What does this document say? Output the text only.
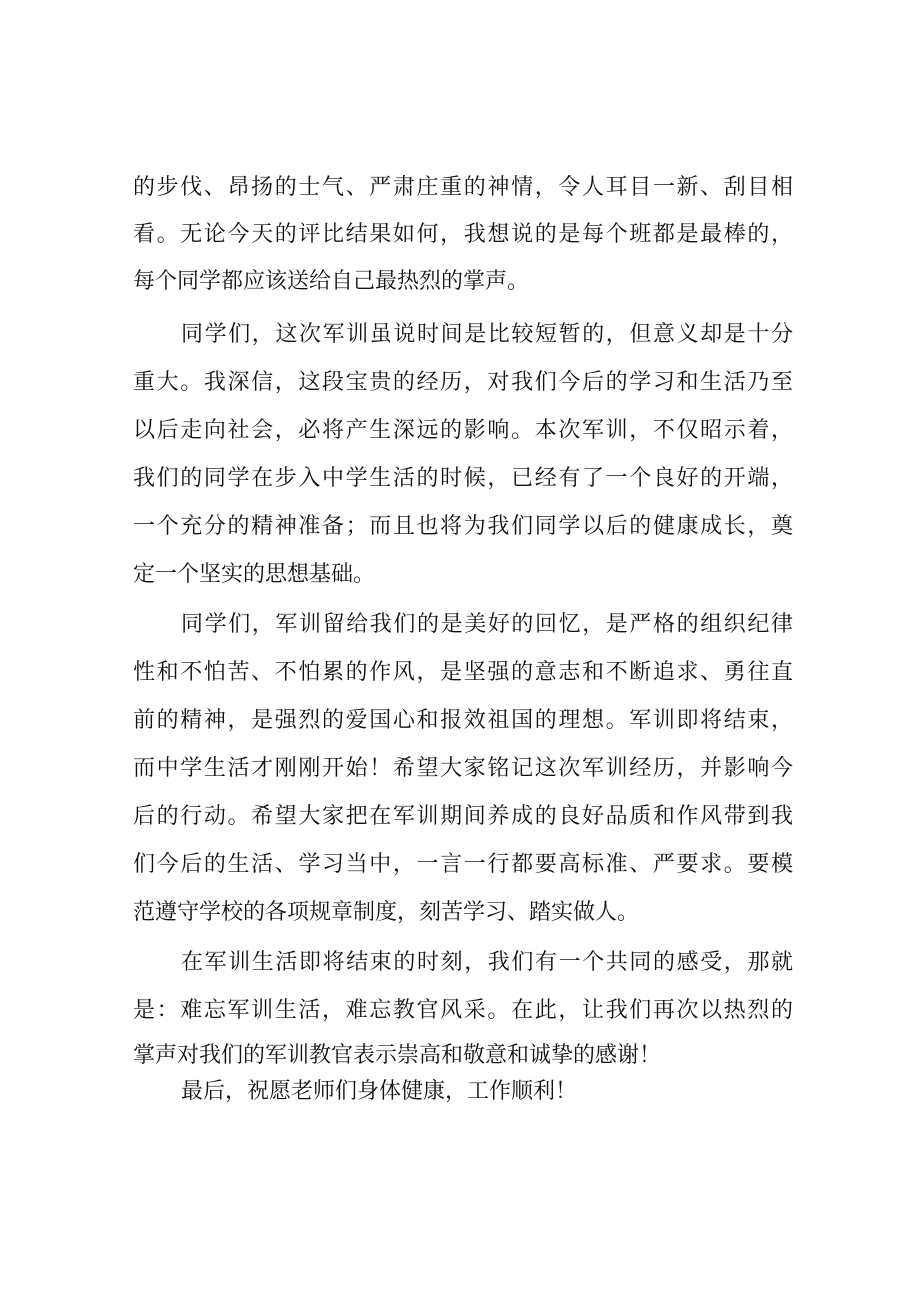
的步伐、昂扬的士气、严肃庄重的神情，令人耳目一新、刮目相

看。无论今天的评比结果如何，我想说的是每个班都是最棒的，

每个同学都应该送给自己最热烈的掌声。

同学们，这次军训虽说时间是比较短暂的，但意义却是十分

重大。我深信，这段宝贵的经历，对我们今后的学习和生活乃至

以后走向社会，必将产生深远的影响。本次军训，不仅昭示着，

我们的同学在步入中学生活的时候，已经有了一个良好的开端，

一个充分的精神准备；而且也将为我们同学以后的健康成长，奠

定一个坚实的思想基础。

同学们，军训留给我们的是美好的回忆，是严格的组织纪律

性和不怕苦、不怕累的作风，是坚强的意志和不断追求、勇往直

前的精神，是强烈的爱国心和报效祖国的理想。军训即将结束，

而中学生活才刚刚开始！希望大家铭记这次军训经历，并影响今

后的行动。希望大家把在军训期间养成的良好品质和作风带到我

们今后的生活、学习当中，一言一行都要高标准、严要求。要模

范遵守学校的各项规章制度，刻苦学习、踏实做人。

在军训生活即将结束的时刻，我们有一个共同的感受，那就

是：难忘军训生活，难忘教官风采。在此，让我们再次以热烈的

掌声对我们的军训教官表示崇高和敬意和诚挚的感谢！

最后，祝愿老师们身体健康，工作顺利！
